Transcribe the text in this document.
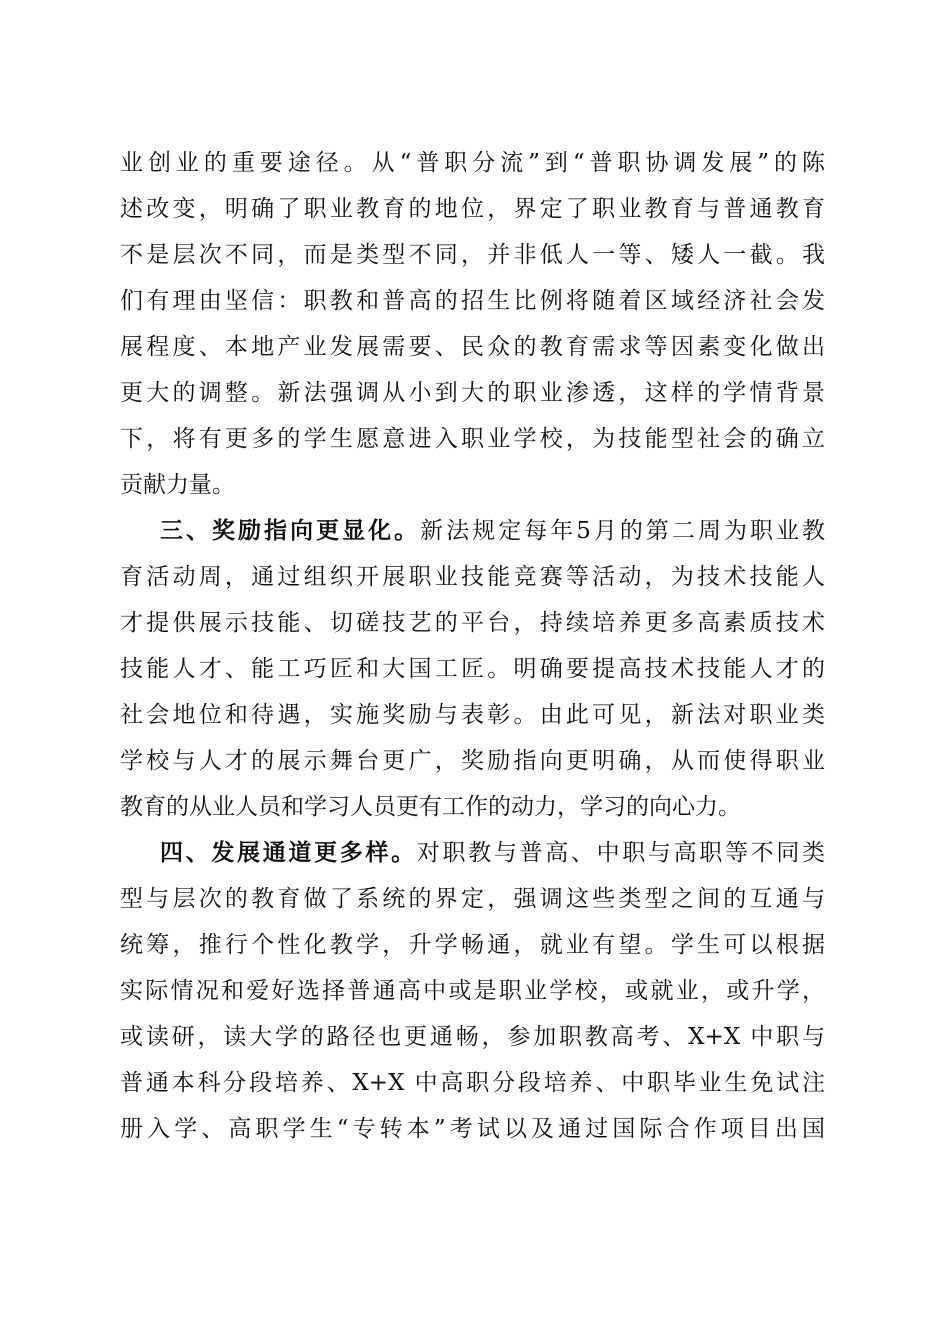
业创业的重要途径。从“普职分流”到“普职协调发展”的陈
述改变，明确了职业教育的地位，界定了职业教育与普通教育
不是层次不同，而是类型不同，并非低人一等、矮人一截。我
们有理由坚信：职教和普高的招生比例将随着区域经济社会发
展程度、本地产业发展需要、民众的教育需求等因素变化做出
更大的调整。新法强调从小到大的职业渗透，这样的学情背景
下，将有更多的学生愿意进入职业学校，为技能型社会的确立
贡献力量。
三、奖励指向更显化。新法规定每年5月的第二周为职业教
育活动周，通过组织开展职业技能竞赛等活动，为技术技能人
才提供展示技能、切磋技艺的平台，持续培养更多高素质技术
技能人才、能工巧匠和大国工匠。明确要提高技术技能人才的
社会地位和待遇，实施奖励与表彰。由此可见，新法对职业类
学校与人才的展示舞台更广，奖励指向更明确，从而使得职业
教育的从业人员和学习人员更有工作的动力，学习的向心力。
四、发展通道更多样。对职教与普高、中职与高职等不同类
型与层次的教育做了系统的界定，强调这些类型之间的互通与
统筹，推行个性化教学，升学畅通，就业有望。学生可以根据
实际情况和爱好选择普通高中或是职业学校，或就业，或升学，
或读研，读大学的路径也更通畅，参加职教高考、X+X 中职与
普通本科分段培养、X+X 中高职分段培养、中职毕业生免试注
册入学、高职学生“专转本”考试以及通过国际合作项目出国
